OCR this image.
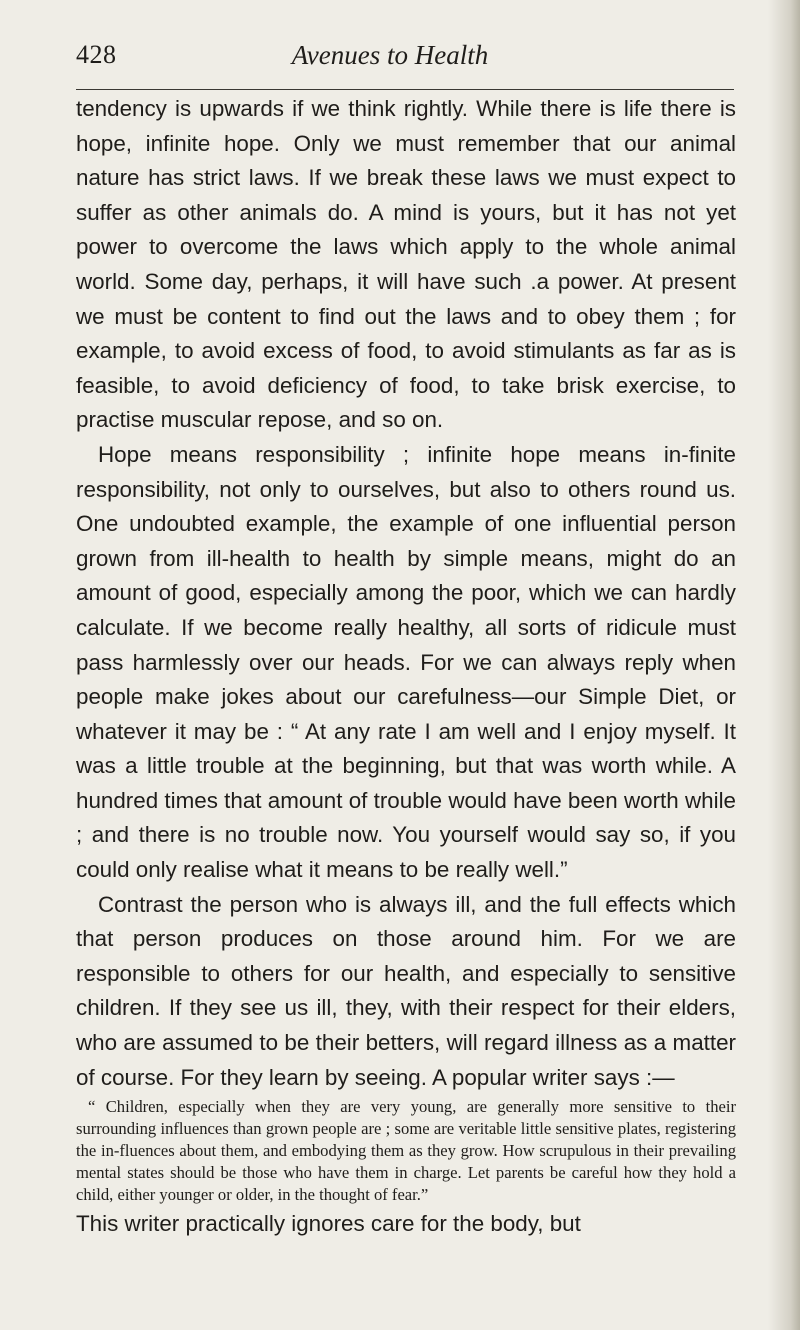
428	Avenues to Health

tendency is upwards if we think rightly. While there is life there is hope, infinite hope. Only we must remember that our animal nature has strict laws. If we break these laws we must expect to suffer as other animals do. A mind is yours, but it has not yet power to overcome the laws which apply to the whole animal world. Some day, perhaps, it will have such .a power. At present we must be content to find out the laws and to obey them ; for example, to avoid excess of food, to avoid stimulants as far as is feasible, to avoid deficiency of food, to take brisk exercise, to practise muscular repose, and so on.

Hope means responsibility ; infinite hope means in-finite responsibility, not only to ourselves, but also to others round us. One undoubted example, the example of one influential person grown from ill-health to health by simple means, might do an amount of good, especially among the poor, which we can hardly calculate. If we become really healthy, all sorts of ridicule must pass harmlessly over our heads. For we can always reply when people make jokes about our carefulness—our Simple Diet, or whatever it may be : “ At any rate I am well and I enjoy myself. It was a little trouble at the beginning, but that was worth while. A hundred times that amount of trouble would have been worth while ; and there is no trouble now. You yourself would say so, if you could only realise what it means to be really well.”

Contrast the person who is always ill, and the full effects which that person produces on those around him. For we are responsible to others for our health, and especially to sensitive children. If they see us ill, they, with their respect for their elders, who are assumed to be their betters, will regard illness as a matter of course. For they learn by seeing. A popular writer says :—

“ Children, especially when they are very young, are generally more sensitive to their surrounding influences than grown people are ; some are veritable little sensitive plates, registering the in-fluences about them, and embodying them as they grow. How scrupulous in their prevailing mental states should be those who have them in charge. Let parents be careful how they hold a child, either younger or older, in the thought of fear.”

This writer practically ignores care for the body, but
